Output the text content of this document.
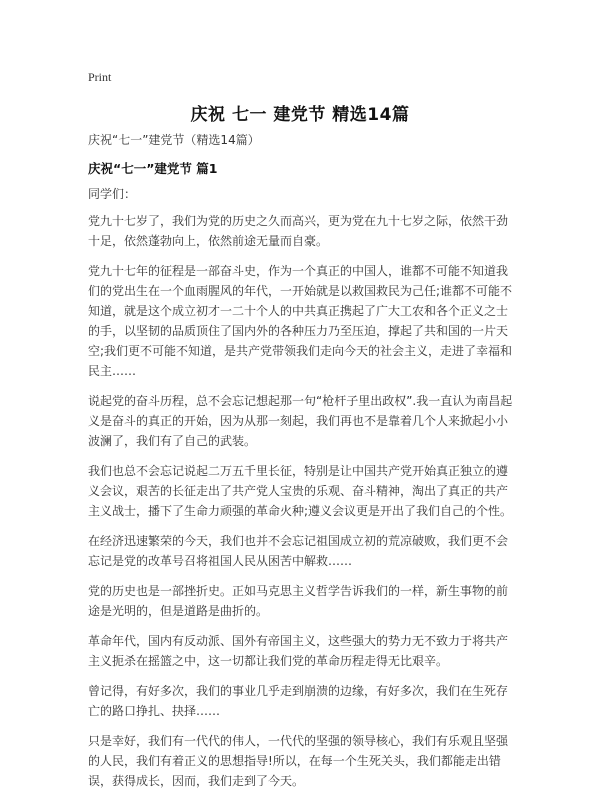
Print
庆祝 七一 建党节 精选14篇
庆祝“七一”建党节（精选14篇）
庆祝“七一”建党节 篇1

同学们：

党九十七岁了，我们为党的历史之久而高兴，更为党在九十七岁之际，依然干劲十足，依然蓬勃向上，依然前途无量而自豪。

党九十七年的征程是一部奋斗史，作为一个真正的中国人，谁都不可能不知道我们的党出生在一个血雨腥风的年代，一开始就是以救国救民为己任;谁都不可能不知道，就是这个成立初才一二十个人的中共真正携起了广大工农和各个正义之士的手，以坚韧的品质顶住了国内外的各种压力乃至压迫，撑起了共和国的一片天空;我们更不可能不知道，是共产党带领我们走向今天的社会主义，走进了幸福和民主……

说起党的奋斗历程，总不会忘记想起那一句“枪杆子里出政权”.我一直认为南昌起义是奋斗的真正的开始，因为从那一刻起，我们再也不是靠着几个人来掀起小小波澜了，我们有了自己的武装。

我们也总不会忘记说起二万五千里长征，特别是让中国共产党开始真正独立的遵义会议，艰苦的长征走出了共产党人宝贵的乐观、奋斗精神，淘出了真正的共产主义战士，播下了生命力顽强的革命火种;遵义会议更是开出了我们自己的个性。

在经济迅速繁荣的今天，我们也并不会忘记祖国成立初的荒凉破败，我们更不会忘记是党的改革号召将祖国人民从困苦中解救……

党的历史也是一部挫折史。正如马克思主义哲学告诉我们的一样，新生事物的前途是光明的，但是道路是曲折的。

革命年代，国内有反动派、国外有帝国主义，这些强大的势力无不致力于将共产主义扼杀在摇篮之中，这一切都让我们党的革命历程走得无比艰辛。

曾记得，有好多次，我们的事业几乎走到崩溃的边缘，有好多次，我们在生死存亡的路口挣扎、抉择……

只是幸好，我们有一代代的伟人，一代代的坚强的领导核心，我们有乐观且坚强的人民，我们有着正义的思想指导!所以，在每一个生死关头，我们都能走出错误，获得成长，因而，我们走到了今天。
